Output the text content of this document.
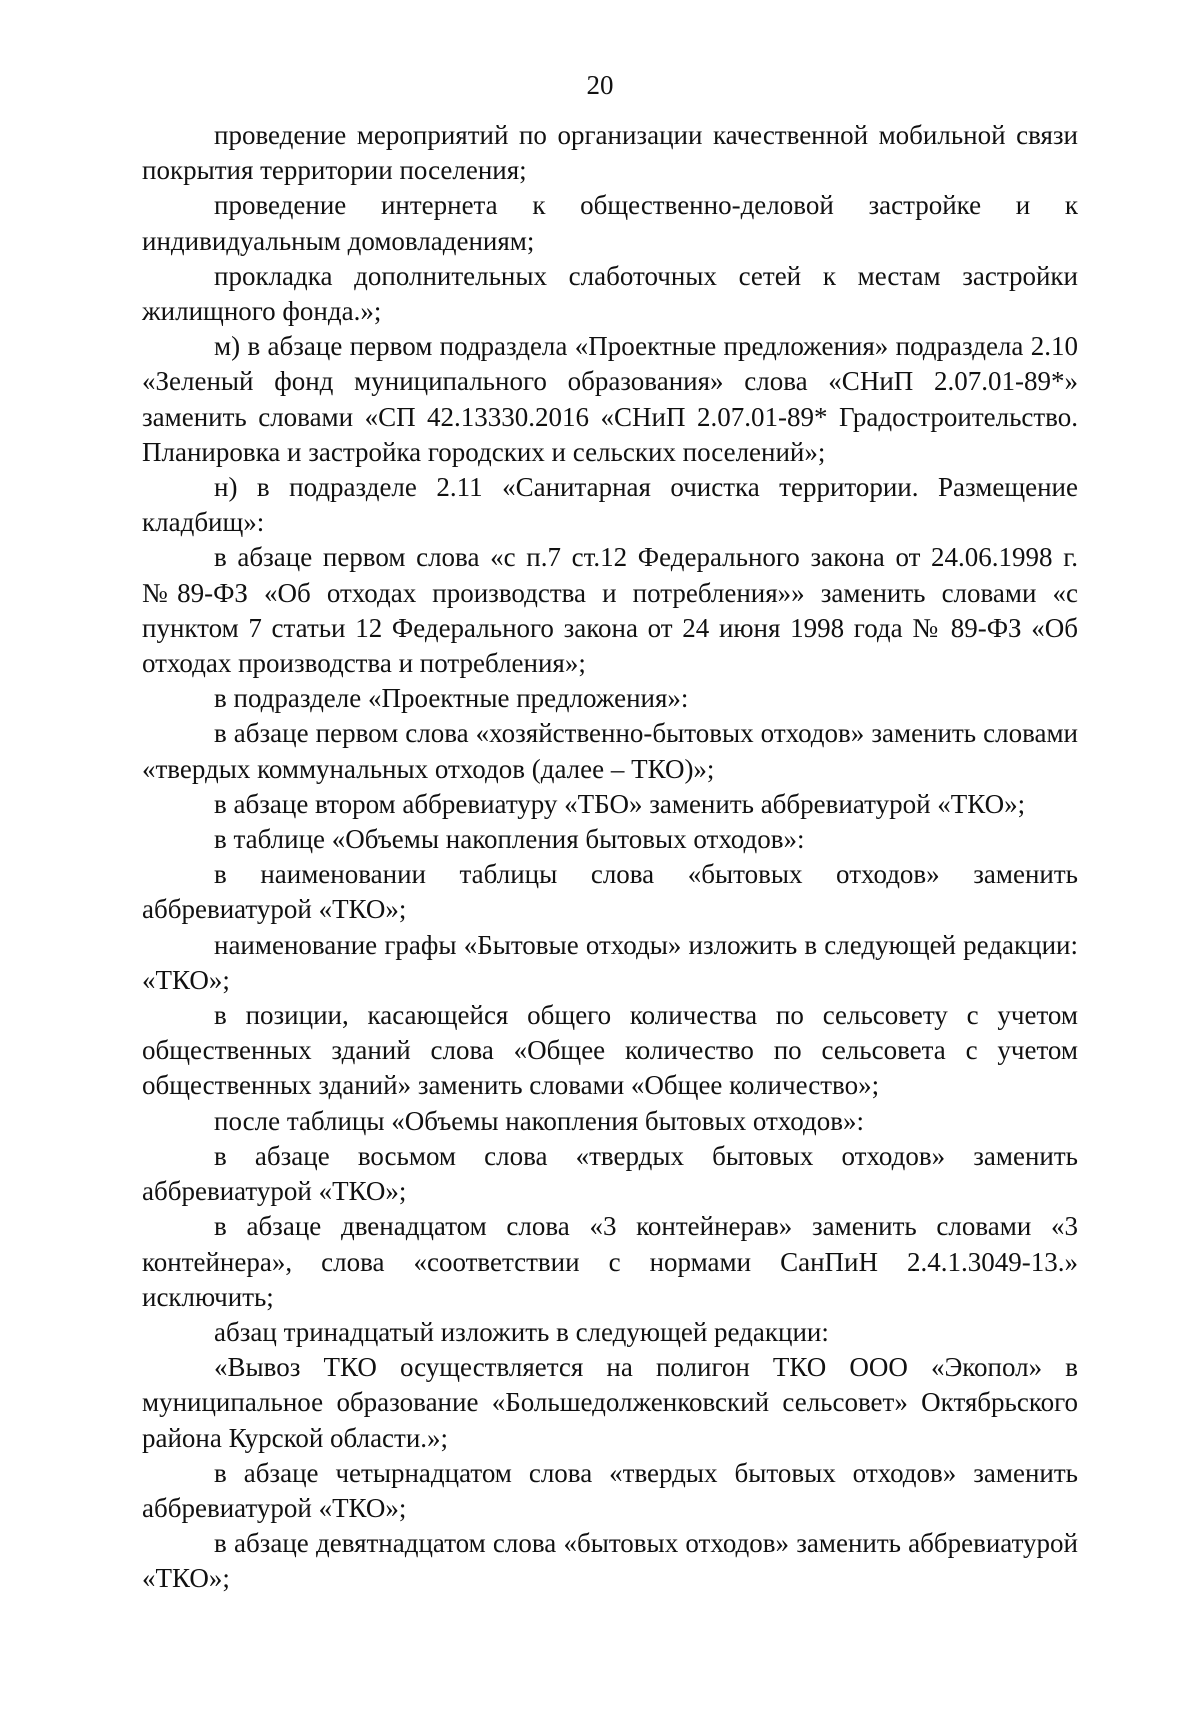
20

проведение мероприятий по организации качественной мобильной связи покрытия территории поселения;

проведение интернета к общественно-деловой застройке и к индивидуальным домовладениям;

прокладка дополнительных слаботочных сетей к местам застройки жилищного фонда.»;

м) в абзаце первом подраздела «Проектные предложения» подраздела 2.10 «Зеленый фонд муниципального образования» слова «СНиП 2.07.01-89*» заменить словами «СП 42.13330.2016 «СНиП 2.07.01-89* Градостроительство. Планировка и застройка городских и сельских поселений»;

н) в подразделе 2.11 «Санитарная очистка территории. Размещение кладбищ»:

в абзаце первом слова «с п.7 ст.12 Федерального закона от 24.06.1998 г. №89-ФЗ «Об отходах производства и потребления»» заменить словами «с пунктом 7 статьи 12 Федерального закона от 24 июня 1998 года № 89-ФЗ «Об отходах производства и потребления»;

в подразделе «Проектные предложения»:

в абзаце первом слова «хозяйственно-бытовых отходов» заменить словами «твердых коммунальных отходов (далее – ТКО)»;

в абзаце втором аббревиатуру «ТБО» заменить аббревиатурой «ТКО»;

в таблице «Объемы накопления бытовых отходов»:

в наименовании таблицы слова «бытовых отходов» заменить аббревиатурой «ТКО»;

наименование графы «Бытовые отходы» изложить в следующей редакции: «ТКО»;

в позиции, касающейся общего количества по сельсовету с учетом общественных зданий слова «Общее количество по сельсовета с учетом общественных зданий» заменить словами «Общее количество»;

после таблицы «Объемы накопления бытовых отходов»:

в абзаце восьмом слова «твердых бытовых отходов» заменить аббревиатурой «ТКО»;

в абзаце двенадцатом слова «3 контейнерав» заменить словами «3 контейнера», слова «соответствии с нормами СанПиН 2.4.1.3049-13.» исключить;

абзац тринадцатый изложить в следующей редакции:

«Вывоз ТКО осуществляется на полигон ТКО ООО «Экопол» в муниципальное образование «Большедолженковский сельсовет» Октябрьского района Курской области.»;

в абзаце четырнадцатом слова «твердых бытовых отходов» заменить аббревиатурой «ТКО»;

в абзаце девятнадцатом слова «бытовых отходов» заменить аббревиатурой «ТКО»;
